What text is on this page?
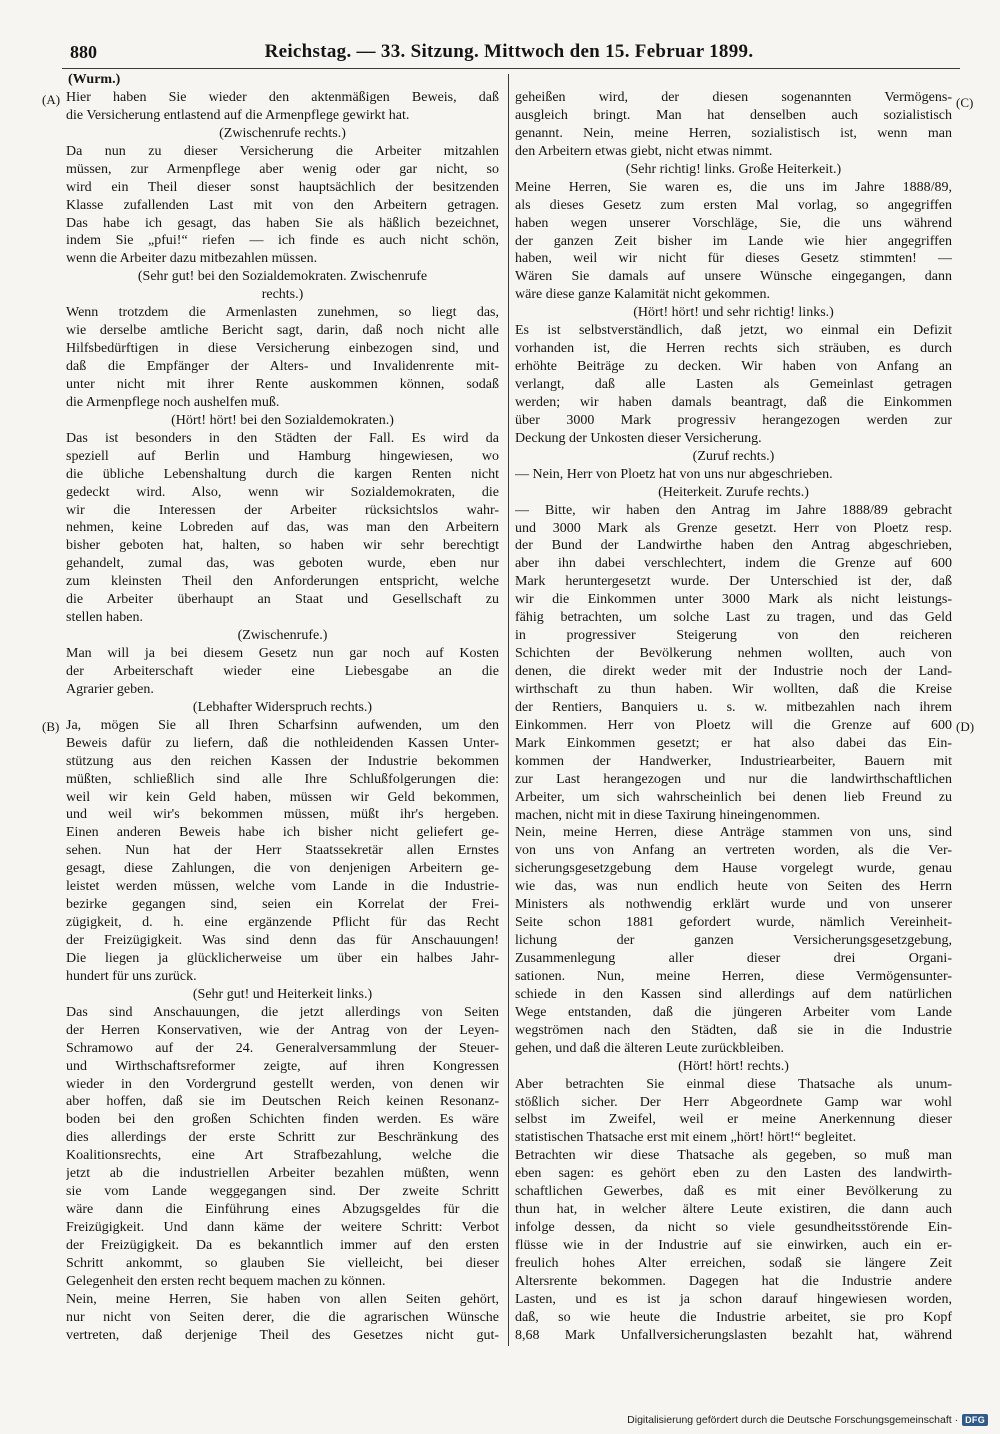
880	Reichstag. — 33. Sitzung. Mittwoch den 15. Februar 1899.
(A)
(B)
(C)
(D)
(Wurm.)
Hier haben Sie wieder den aktenmäßigen Beweis, daß
die Versicherung entlastend auf die Armenpflege gewirkt hat.
(Zwischenrufe rechts.)
Da nun zu dieser Versicherung die Arbeiter mitzahlen
müssen, zur Armenpflege aber wenig oder gar nicht, so
wird ein Theil dieser sonst hauptsächlich der besitzenden
Klasse zufallenden Last mit von den Arbeitern getragen.
Das habe ich gesagt, das haben Sie als häßlich bezeichnet,
indem Sie „pfui!“ riefen — ich finde es auch nicht schön,
wenn die Arbeiter dazu mitbezahlen müssen.
(Sehr gut! bei den Sozialdemokraten. Zwischenrufe
rechts.)
Wenn trotzdem die Armenlasten zunehmen, so liegt das,
wie derselbe amtliche Bericht sagt, darin, daß noch nicht alle
Hilfsbedürftigen in diese Versicherung einbezogen sind, und
daß die Empfänger der Alters- und Invalidenrente mit-
unter nicht mit ihrer Rente auskommen können, sodaß
die Armenpflege noch aushelfen muß.
(Hört! hört! bei den Sozialdemokraten.)
Das ist besonders in den Städten der Fall. Es wird da
speziell auf Berlin und Hamburg hingewiesen, wo
die übliche Lebenshaltung durch die kargen Renten nicht
gedeckt wird. Also, wenn wir Sozialdemokraten, die
wir die Interessen der Arbeiter rücksichtslos wahr-
nehmen, keine Lobreden auf das, was man den Arbeitern
bisher geboten hat, halten, so haben wir sehr berechtigt
gehandelt, zumal das, was geboten wurde, eben nur
zum kleinsten Theil den Anforderungen entspricht, welche
die Arbeiter überhaupt an Staat und Gesellschaft zu
stellen haben.
(Zwischenrufe.)
Man will ja bei diesem Gesetz nun gar noch auf Kosten
der Arbeiterschaft wieder eine Liebesgabe an die
Agrarier geben.
(Lebhafter Widerspruch rechts.)
Ja, mögen Sie all Ihren Scharfsinn aufwenden, um den
Beweis dafür zu liefern, daß die nothleidenden Kassen Unter-
stützung aus den reichen Kassen der Industrie bekommen
müßten, schließlich sind alle Ihre Schlußfolgerungen die:
weil wir kein Geld haben, müssen wir Geld bekommen,
und weil wir's bekommen müssen, müßt ihr's hergeben.
Einen anderen Beweis habe ich bisher nicht geliefert ge-
sehen. Nun hat der Herr Staatssekretär allen Ernstes
gesagt, diese Zahlungen, die von denjenigen Arbeitern ge-
leistet werden müssen, welche vom Lande in die Industrie-
bezirke gegangen sind, seien ein Korrelat der Frei-
zügigkeit, d. h. eine ergänzende Pflicht für das Recht
der Freizügigkeit. Was sind denn das für Anschauungen!
Die liegen ja glücklicherweise um über ein halbes Jahr-
hundert für uns zurück.
(Sehr gut! und Heiterkeit links.)
Das sind Anschauungen, die jetzt allerdings von Seiten
der Herren Konservativen, wie der Antrag von der Leyen-
Schramowo auf der 24. Generalversammlung der Steuer-
und Wirthschaftsreformer zeigte, auf ihren Kongressen
wieder in den Vordergrund gestellt werden, von denen wir
aber hoffen, daß sie im Deutschen Reich keinen Resonanz-
boden bei den großen Schichten finden werden. Es wäre
dies allerdings der erste Schritt zur Beschränkung des
Koalitionsrechts, eine Art Strafbezahlung, welche die
jetzt ab die industriellen Arbeiter bezahlen müßten, wenn
sie vom Lande weggegangen sind. Der zweite Schritt
wäre dann die Einführung eines Abzugsgeldes für die
Freizügigkeit. Und dann käme der weitere Schritt: Verbot
der Freizügigkeit. Da es bekanntlich immer auf den ersten
Schritt ankommt, so glauben Sie vielleicht, bei dieser
Gelegenheit den ersten recht bequem machen zu können.
Nein, meine Herren, Sie haben von allen Seiten gehört,
nur nicht von Seiten derer, die die agrarischen Wünsche
vertreten, daß derjenige Theil des Gesetzes nicht gut-
geheißen wird, der diesen sogenannten Vermögens-
ausgleich bringt. Man hat denselben auch sozialistisch
genannt. Nein, meine Herren, sozialistisch ist, wenn man
den Arbeitern etwas giebt, nicht etwas nimmt.
(Sehr richtig! links. Große Heiterkeit.)
Meine Herren, Sie waren es, die uns im Jahre 1888/89,
als dieses Gesetz zum ersten Mal vorlag, so angegriffen
haben wegen unserer Vorschläge, Sie, die uns während
der ganzen Zeit bisher im Lande wie hier angegriffen
haben, weil wir nicht für dieses Gesetz stimmten! —
Wären Sie damals auf unsere Wünsche eingegangen, dann
wäre diese ganze Kalamität nicht gekommen.
(Hört! hört! und sehr richtig! links.)
Es ist selbstverständlich, daß jetzt, wo einmal ein Defizit
vorhanden ist, die Herren rechts sich sträuben, es durch
erhöhte Beiträge zu decken. Wir haben von Anfang an
verlangt, daß alle Lasten als Gemeinlast getragen
werden; wir haben damals beantragt, daß die Einkommen
über 3000 Mark progressiv herangezogen werden zur
Deckung der Unkosten dieser Versicherung.
(Zuruf rechts.)
— Nein, Herr von Ploetz hat von uns nur abgeschrieben.
(Heiterkeit. Zurufe rechts.)
— Bitte, wir haben den Antrag im Jahre 1888/89 gebracht
und 3000 Mark als Grenze gesetzt. Herr von Ploetz resp.
der Bund der Landwirthe haben den Antrag abgeschrieben,
aber ihn dabei verschlechtert, indem die Grenze auf 600
Mark heruntergesetzt wurde. Der Unterschied ist der, daß
wir die Einkommen unter 3000 Mark als nicht leistungs-
fähig betrachten, um solche Last zu tragen, und das Geld
in progressiver Steigerung von den reicheren
Schichten der Bevölkerung nehmen wollten, auch von
denen, die direkt weder mit der Industrie noch der Land-
wirthschaft zu thun haben. Wir wollten, daß die Kreise
der Rentiers, Banquiers u. s. w. mitbezahlen nach ihrem
Einkommen. Herr von Ploetz will die Grenze auf 600
Mark Einkommen gesetzt; er hat also dabei das Ein-
kommen der Handwerker, Industriearbeiter, Bauern mit
zur Last herangezogen und nur die landwirthschaftlichen
Arbeiter, um sich wahrscheinlich bei denen lieb Freund zu
machen, nicht mit in diese Taxirung hineingenommen.
Nein, meine Herren, diese Anträge stammen von uns, sind
von uns von Anfang an vertreten worden, als die Ver-
sicherungsgesetzgebung dem Hause vorgelegt wurde, genau
wie das, was nun endlich heute von Seiten des Herrn
Ministers als nothwendig erklärt wurde und von unserer
Seite schon 1881 gefordert wurde, nämlich Vereinheit-
lichung der ganzen Versicherungsgesetzgebung,
Zusammenlegung aller dieser drei Organi-
sationen. Nun, meine Herren, diese Vermögensunter-
schiede in den Kassen sind allerdings auf dem natürlichen
Wege entstanden, daß die jüngeren Arbeiter vom Lande
wegströmen nach den Städten, daß sie in die Industrie
gehen, und daß die älteren Leute zurückbleiben.
(Hört! hört! rechts.)
Aber betrachten Sie einmal diese Thatsache als unum-
stößlich sicher. Der Herr Abgeordnete Gamp war wohl
selbst im Zweifel, weil er meine Anerkennung dieser
statistischen Thatsache erst mit einem „hört! hört!“ begleitet.
Betrachten wir diese Thatsache als gegeben, so muß man
eben sagen: es gehört eben zu den Lasten des landwirth-
schaftlichen Gewerbes, daß es mit einer Bevölkerung zu
thun hat, in welcher ältere Leute existiren, die dann auch
infolge dessen, da nicht so viele gesundheitsstörende Ein-
flüsse wie in der Industrie auf sie einwirken, auch ein er-
freulich hohes Alter erreichen, sodaß sie längere Zeit
Altersrente bekommen. Dagegen hat die Industrie andere
Lasten, und es ist ja schon darauf hingewiesen worden,
daß, so wie heute die Industrie arbeitet, sie pro Kopf
8,68 Mark Unfallversicherungslasten bezahlt hat, während
Digitalisierung gefördert durch die Deutsche Forschungsgemeinschaft · DFG
